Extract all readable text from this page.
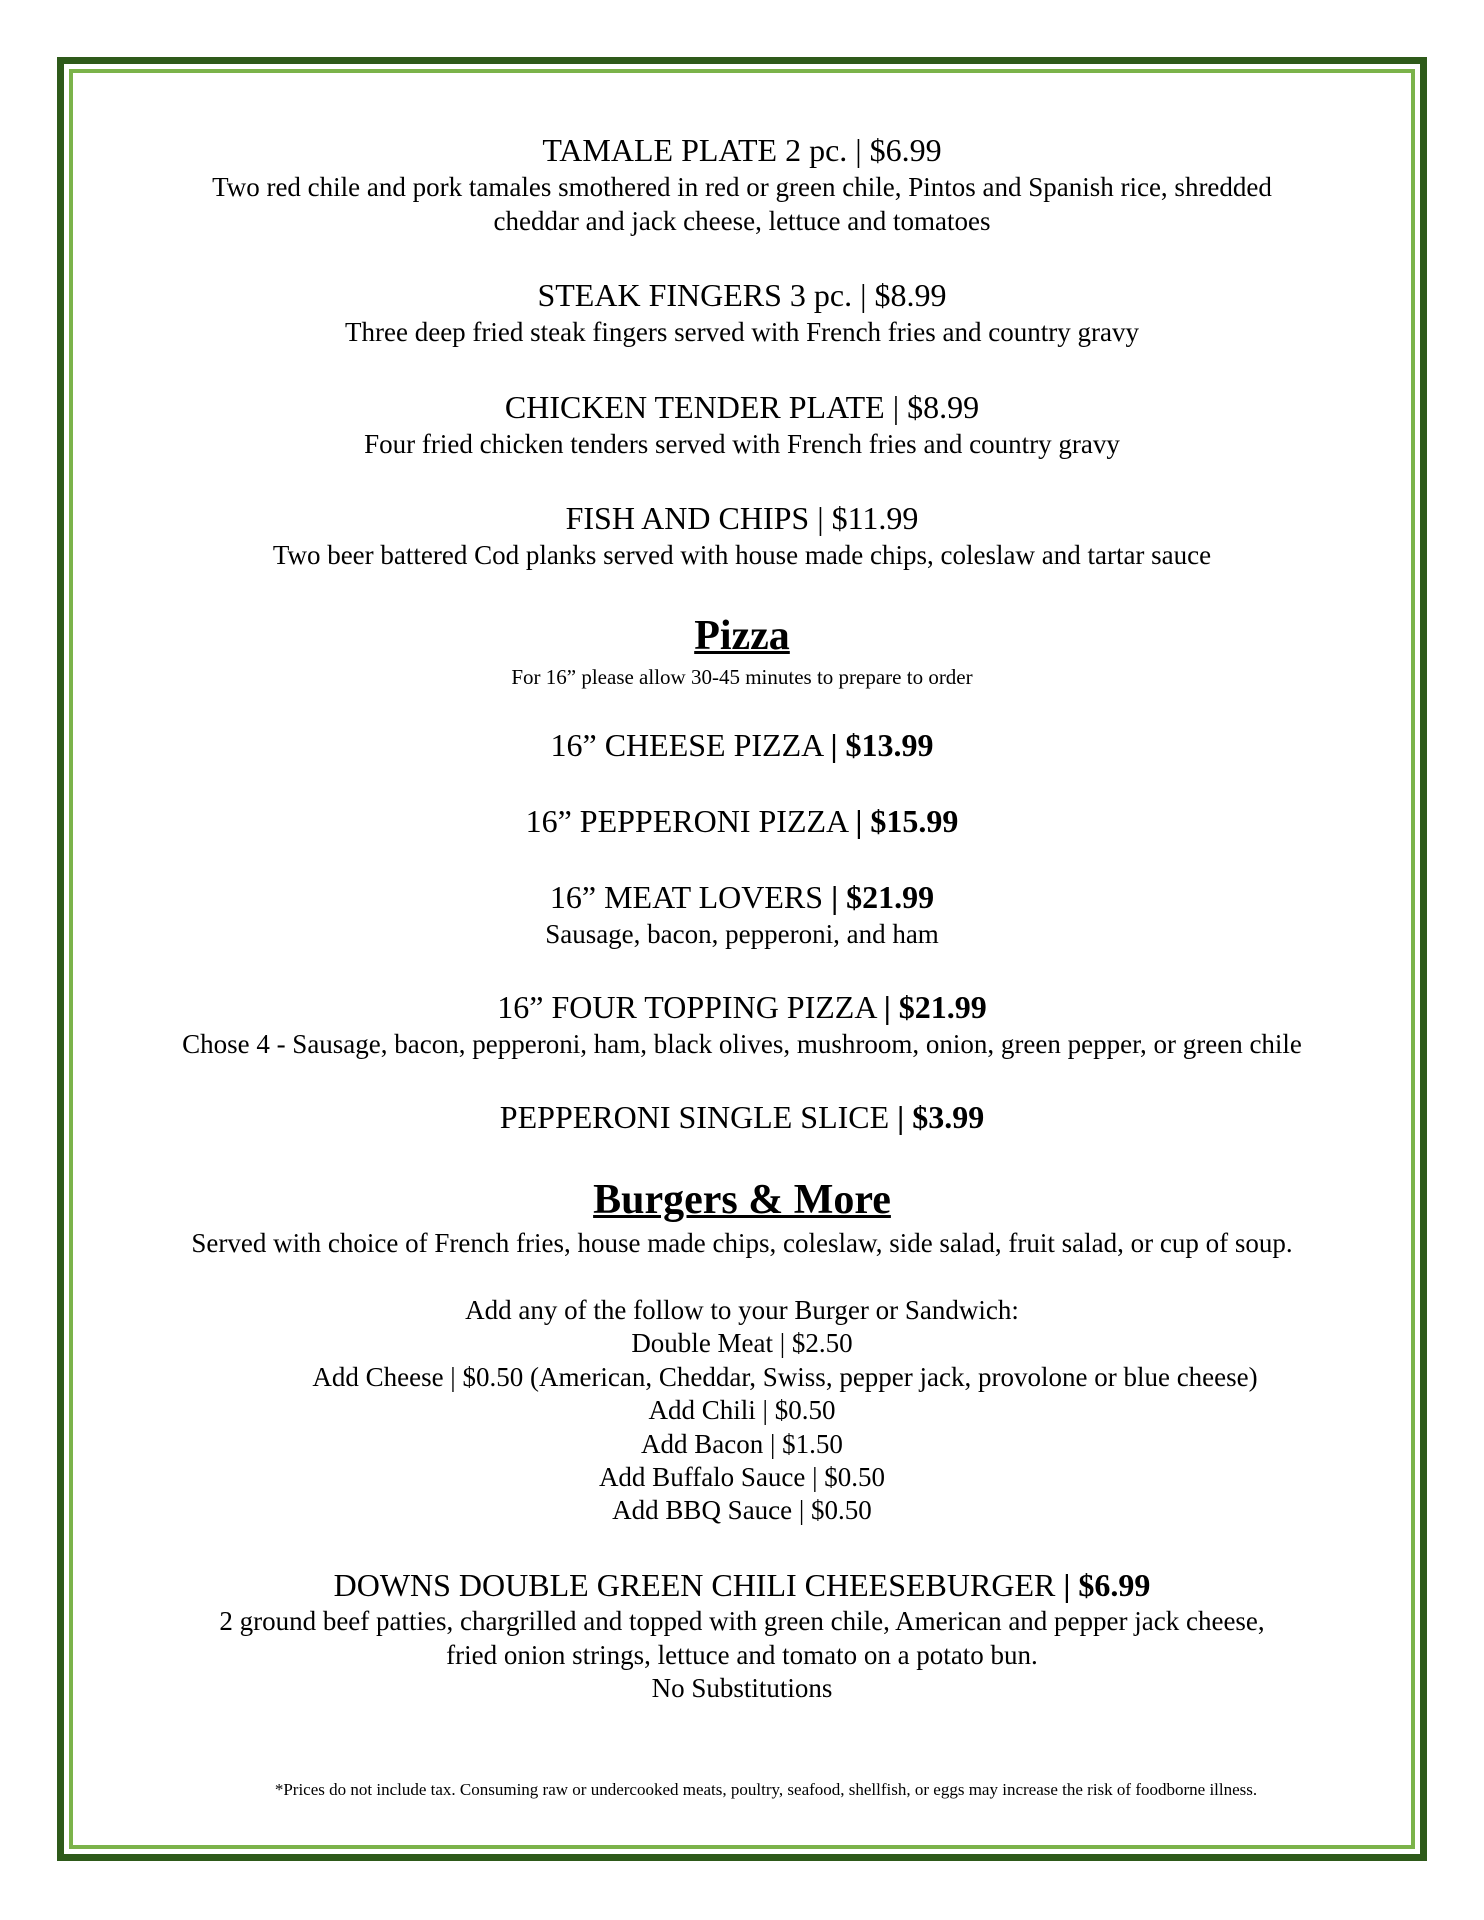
TAMALE PLATE 2 pc. | $6.99
Two red chile and pork tamales smothered in red or green chile, Pintos and Spanish rice, shredded
cheddar and jack cheese, lettuce and tomatoes
STEAK FINGERS 3 pc. | $8.99
Three deep fried steak fingers served with French fries and country gravy
CHICKEN TENDER PLATE | $8.99
Four fried chicken tenders served with French fries and country gravy
FISH AND CHIPS | $11.99
Two beer battered Cod planks served with house made chips, coleslaw and tartar sauce
Pizza
For 16” please allow 30-45 minutes to prepare to order
16” CHEESE PIZZA | $13.99
16” PEPPERONI PIZZA | $15.99
16” MEAT LOVERS | $21.99
Sausage, bacon, pepperoni, and ham
16” FOUR TOPPING PIZZA | $21.99
Chose 4 - Sausage, bacon, pepperoni, ham, black olives, mushroom, onion, green pepper, or green chile
PEPPERONI SINGLE SLICE | $3.99
Burgers & More
Served with choice of French fries, house made chips, coleslaw, side salad, fruit salad, or cup of soup.
Add any of the follow to your Burger or Sandwich:
Double Meat | $2.50
Add Cheese | $0.50 (American, Cheddar, Swiss, pepper jack, provolone or blue cheese)
Add Chili | $0.50
Add Bacon | $1.50
Add Buffalo Sauce | $0.50
Add BBQ Sauce | $0.50
DOWNS DOUBLE GREEN CHILI CHEESEBURGER | $6.99
2 ground beef patties, chargrilled and topped with green chile, American and pepper jack cheese,
fried onion strings, lettuce and tomato on a potato bun.
No Substitutions
*Prices do not include tax. Consuming raw or undercooked meats, poultry, seafood, shellfish, or eggs may increase the risk of foodborne illness.
